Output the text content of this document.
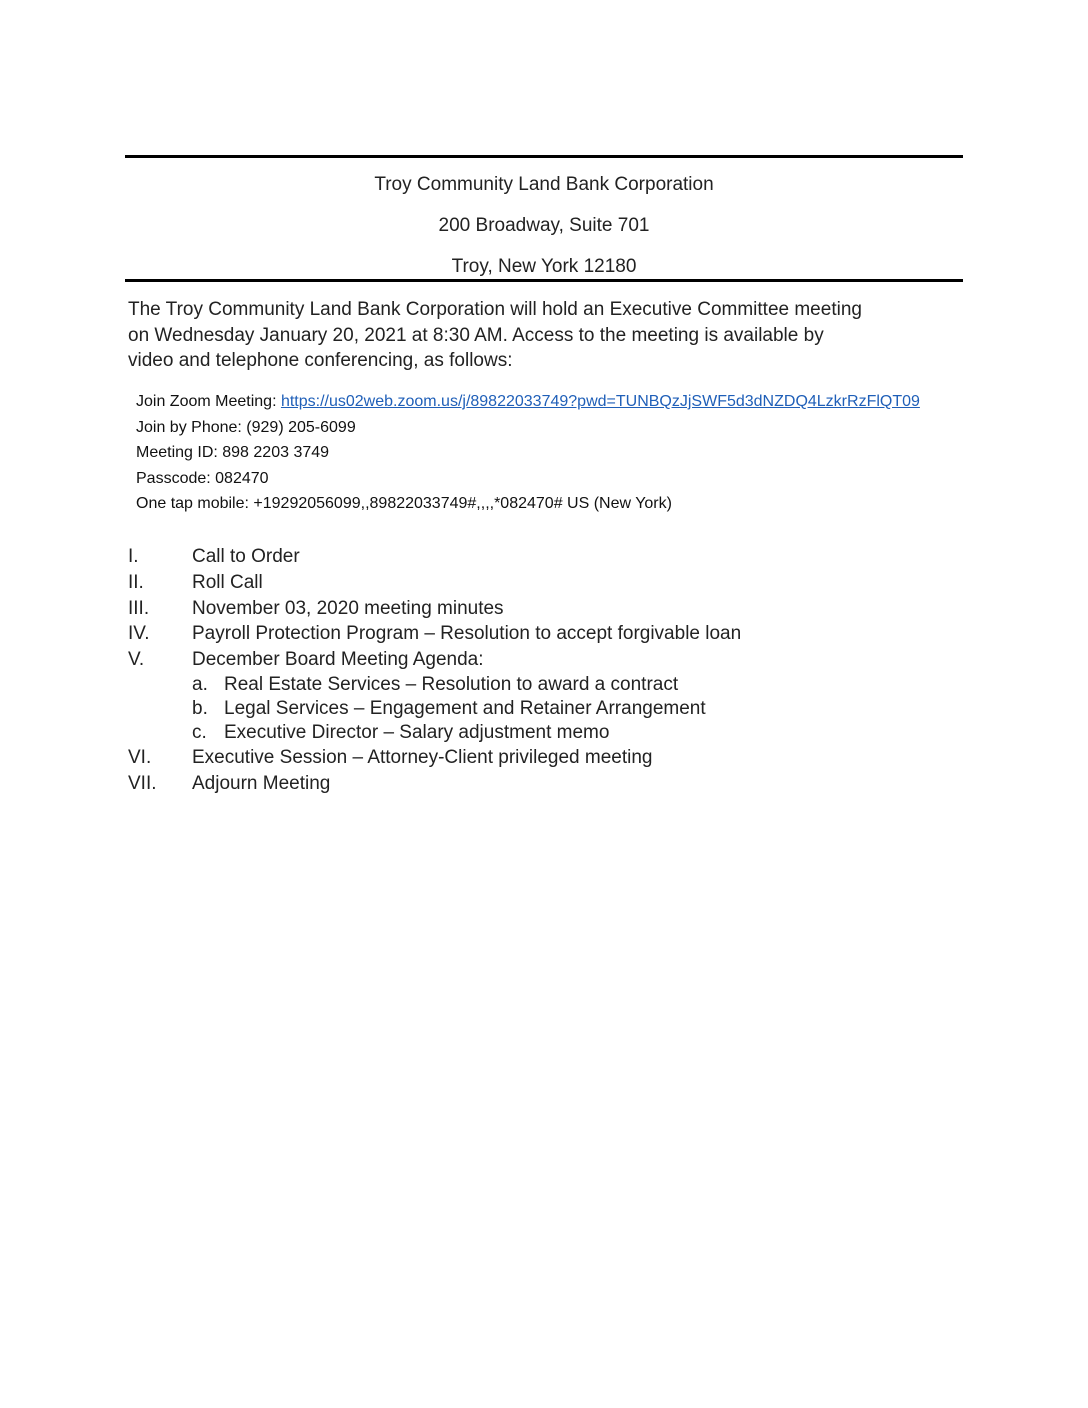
Troy Community Land Bank Corporation
200 Broadway, Suite 701
Troy, New York 12180
The Troy Community Land Bank Corporation will hold an Executive Committee meeting
on Wednesday January 20, 2021 at 8:30 AM. Access to the meeting is available by
video and telephone conferencing, as follows:
Join Zoom Meeting: https://us02web.zoom.us/j/89822033749?pwd=TUNBQzJjSWF5d3dNZDQ4LzkrRzFlQT09
Join by Phone: (929) 205-6099
Meeting ID: 898 2203 3749
Passcode: 082470
One tap mobile: +19292056099,,89822033749#,,,,*082470# US (New York)
I.	Call to Order
II.	Roll Call
III. November 03, 2020 meeting minutes
IV. Payroll Protection Program – Resolution to accept forgivable loan
V.	December Board Meeting Agenda:
a. Real Estate Services – Resolution to award a contract
b. Legal Services – Engagement and Retainer Arrangement
c. Executive Director – Salary adjustment memo
VI. Executive Session – Attorney-Client privileged meeting
VII. Adjourn Meeting
